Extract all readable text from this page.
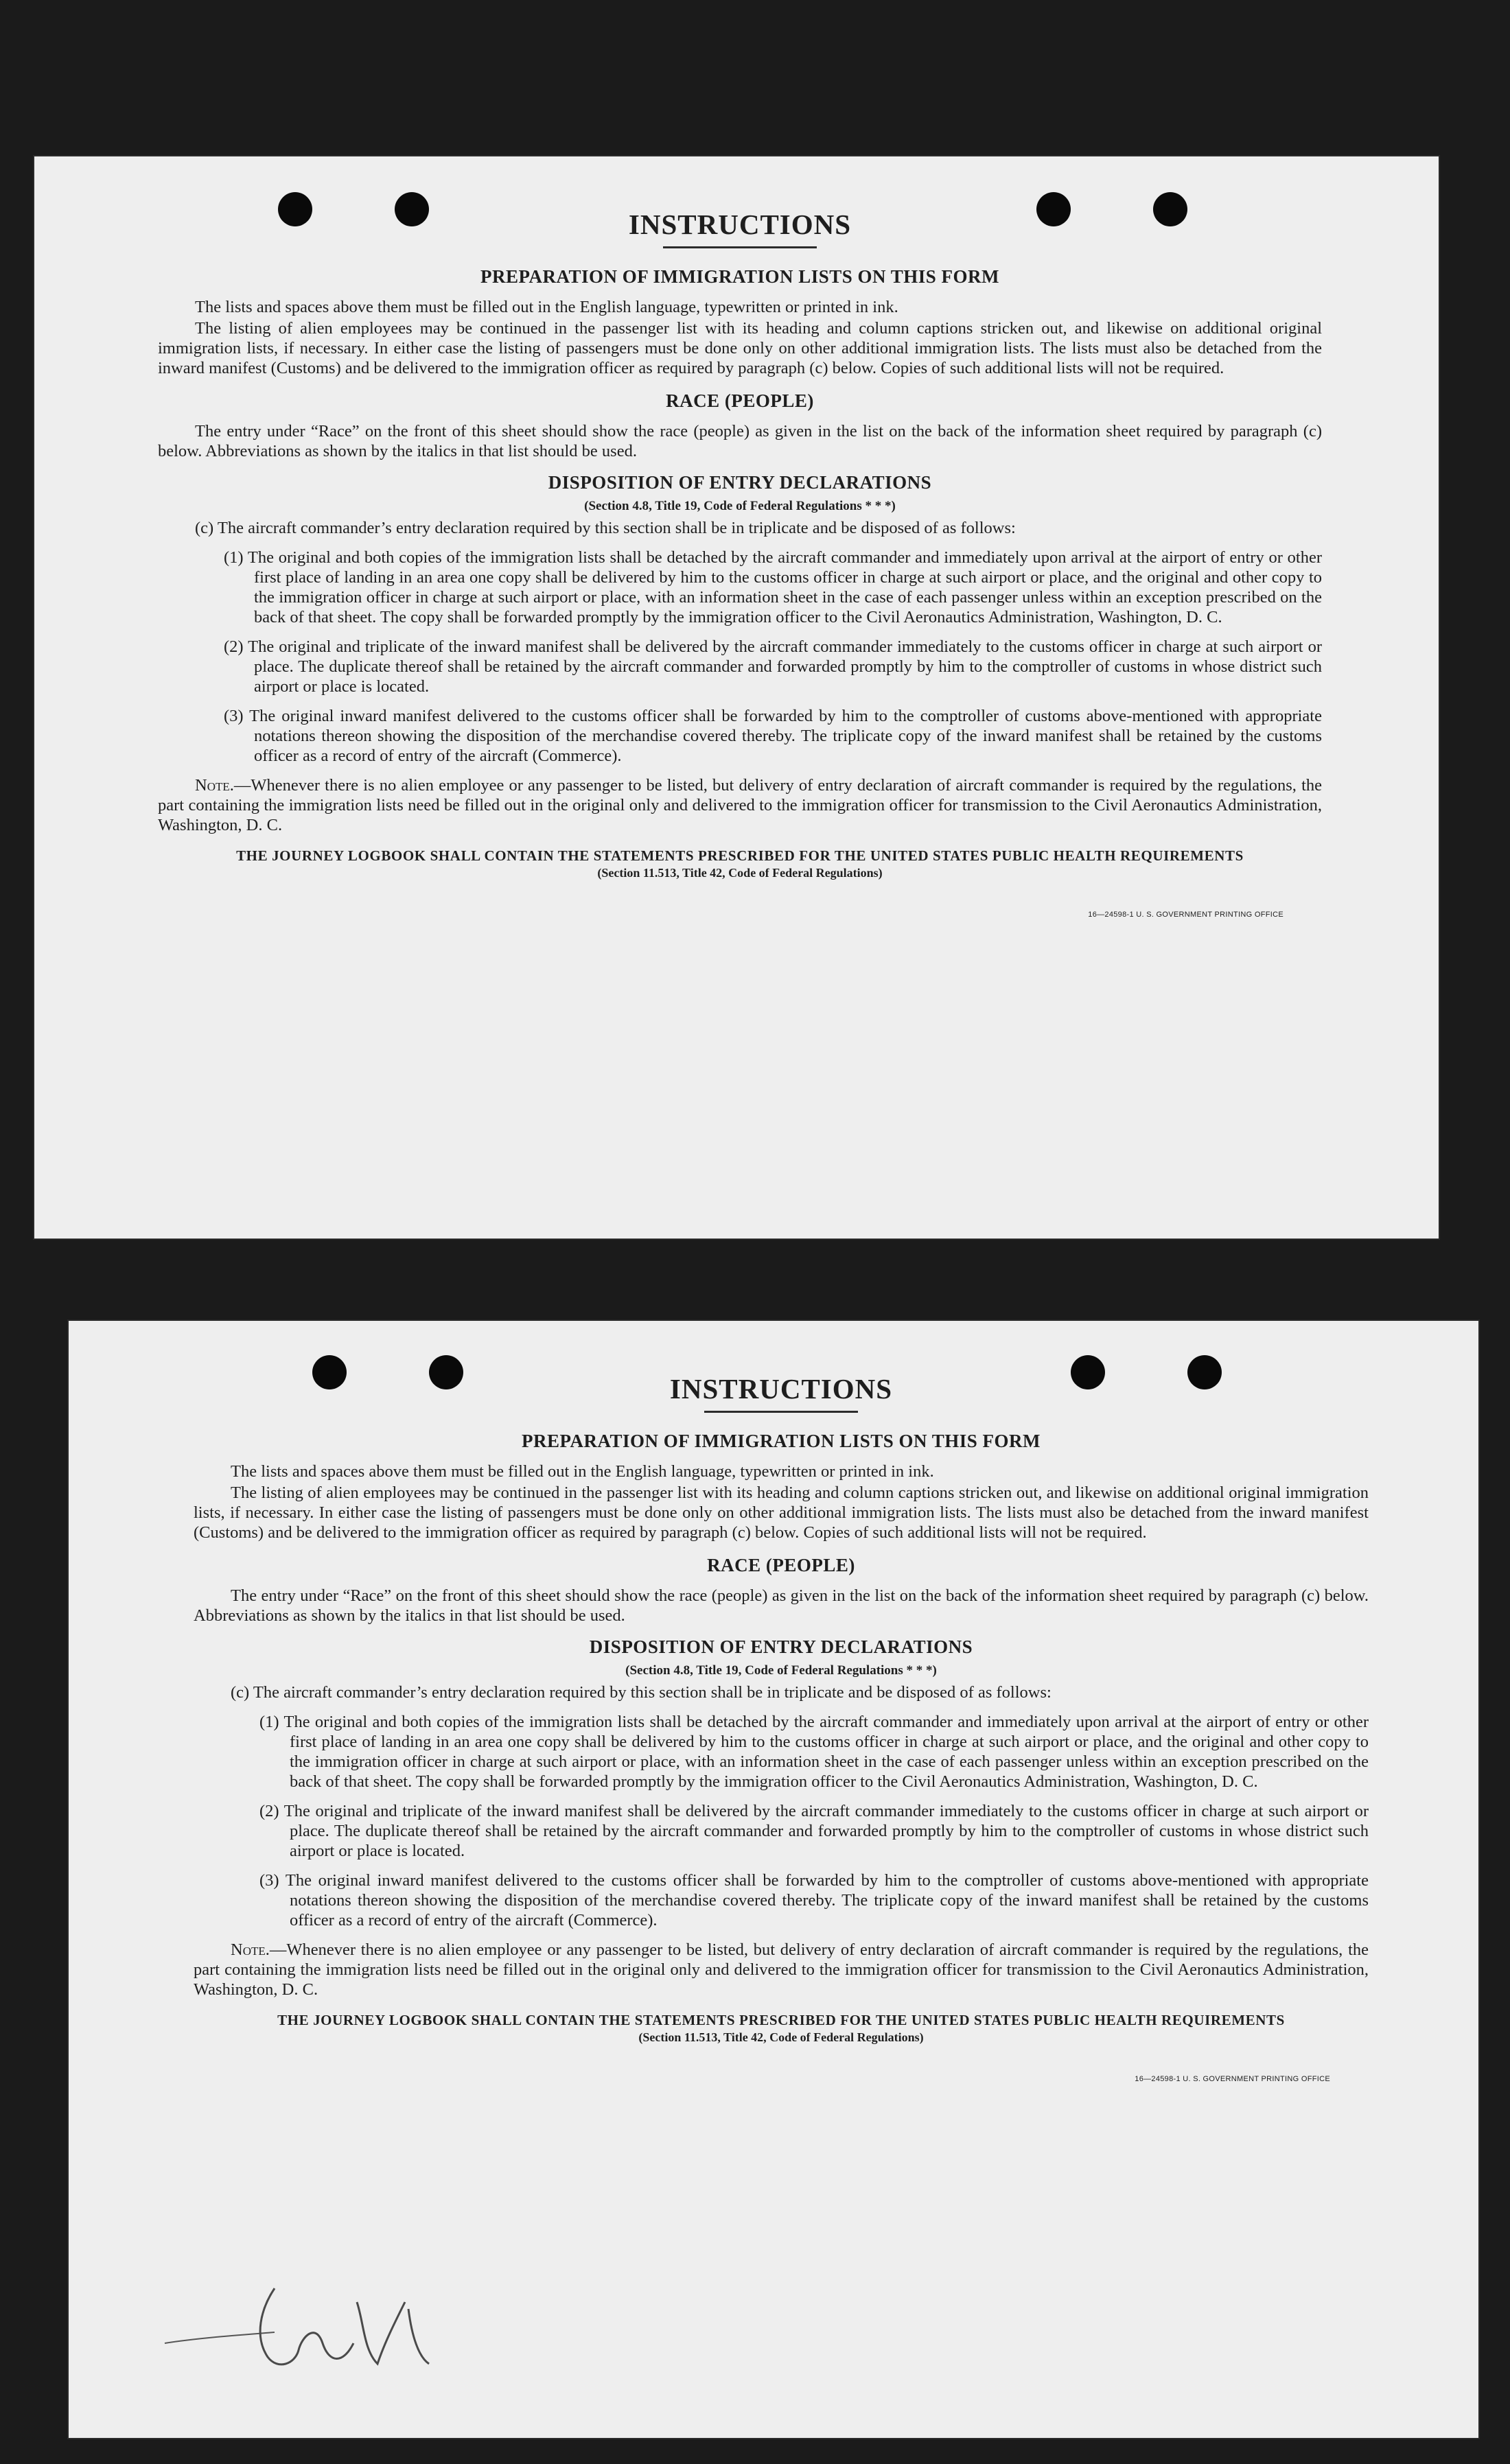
INSTRUCTIONS
PREPARATION OF IMMIGRATION LISTS ON THIS FORM

The lists and spaces above them must be filled out in the English language, typewritten or printed in ink.

The listing of alien employees may be continued in the passenger list with its heading and column captions stricken out, and likewise on additional original immigration lists, if necessary. In either case the listing of passengers must be done only on other additional immigration lists. The lists must also be detached from the inward manifest (Customs) and be delivered to the immigration officer as required by paragraph (c) below. Copies of such additional lists will not be required.

RACE (PEOPLE)

The entry under “Race” on the front of this sheet should show the race (people) as given in the list on the back of the information sheet required by paragraph (c) below. Abbreviations as shown by the italics in that list should be used.

DISPOSITION OF ENTRY DECLARATIONS
(Section 4.8, Title 19, Code of Federal Regulations * * *)

(c) The aircraft commander’s entry declaration required by this section shall be in triplicate and be disposed of as follows:

(1) The original and both copies of the immigration lists shall be detached by the aircraft commander and immediately upon arrival at the airport of entry or other first place of landing in an area one copy shall be delivered by him to the customs officer in charge at such airport or place, and the original and other copy to the immigration officer in charge at such airport or place, with an information sheet in the case of each passenger unless within an exception prescribed on the back of that sheet. The copy shall be forwarded promptly by the immigration officer to the Civil Aeronautics Administration, Washington, D. C.
(2) The original and triplicate of the inward manifest shall be delivered by the aircraft commander immediately to the customs officer in charge at such airport or place. The duplicate thereof shall be retained by the aircraft commander and forwarded promptly by him to the comptroller of customs in whose district such airport or place is located.
(3) The original inward manifest delivered to the customs officer shall be forwarded by him to the comptroller of customs above-mentioned with appropriate notations thereon showing the disposition of the merchandise covered thereby. The triplicate copy of the inward manifest shall be retained by the customs officer as a record of entry of the aircraft (Commerce).

Note.—Whenever there is no alien employee or any passenger to be listed, but delivery of entry declaration of aircraft commander is required by the regulations, the part containing the immigration lists need be filled out in the original only and delivered to the immigration officer for transmission to the Civil Aeronautics Administration, Washington, D. C.

THE JOURNEY LOGBOOK SHALL CONTAIN THE STATEMENTS PRESCRIBED FOR THE UNITED STATES PUBLIC HEALTH REQUIREMENTS
(Section 11.513, Title 42, Code of Federal Regulations)
16—24598-1 U. S. GOVERNMENT PRINTING OFFICE
INSTRUCTIONS
PREPARATION OF IMMIGRATION LISTS ON THIS FORM

The lists and spaces above them must be filled out in the English language, typewritten or printed in ink.

The listing of alien employees may be continued in the passenger list with its heading and column captions stricken out, and likewise on additional original immigration lists, if necessary. In either case the listing of passengers must be done only on other additional immigration lists. The lists must also be detached from the inward manifest (Customs) and be delivered to the immigration officer as required by paragraph (c) below. Copies of such additional lists will not be required.

RACE (PEOPLE)

The entry under “Race” on the front of this sheet should show the race (people) as given in the list on the back of the information sheet required by paragraph (c) below. Abbreviations as shown by the italics in that list should be used.

DISPOSITION OF ENTRY DECLARATIONS
(Section 4.8, Title 19, Code of Federal Regulations * * *)

(c) The aircraft commander’s entry declaration required by this section shall be in triplicate and be disposed of as follows:

(1) The original and both copies of the immigration lists shall be detached by the aircraft commander and immediately upon arrival at the airport of entry or other first place of landing in an area one copy shall be delivered by him to the customs officer in charge at such airport or place, and the original and other copy to the immigration officer in charge at such airport or place, with an information sheet in the case of each passenger unless within an exception prescribed on the back of that sheet. The copy shall be forwarded promptly by the immigration officer to the Civil Aeronautics Administration, Washington, D. C.
(2) The original and triplicate of the inward manifest shall be delivered by the aircraft commander immediately to the customs officer in charge at such airport or place. The duplicate thereof shall be retained by the aircraft commander and forwarded promptly by him to the comptroller of customs in whose district such airport or place is located.
(3) The original inward manifest delivered to the customs officer shall be forwarded by him to the comptroller of customs above-mentioned with appropriate notations thereon showing the disposition of the merchandise covered thereby. The triplicate copy of the inward manifest shall be retained by the customs officer as a record of entry of the aircraft (Commerce).

Note.—Whenever there is no alien employee or any passenger to be listed, but delivery of entry declaration of aircraft commander is required by the regulations, the part containing the immigration lists need be filled out in the original only and delivered to the immigration officer for transmission to the Civil Aeronautics Administration, Washington, D. C.

THE JOURNEY LOGBOOK SHALL CONTAIN THE STATEMENTS PRESCRIBED FOR THE UNITED STATES PUBLIC HEALTH REQUIREMENTS
(Section 11.513, Title 42, Code of Federal Regulations)
16—24598-1 U. S. GOVERNMENT PRINTING OFFICE
